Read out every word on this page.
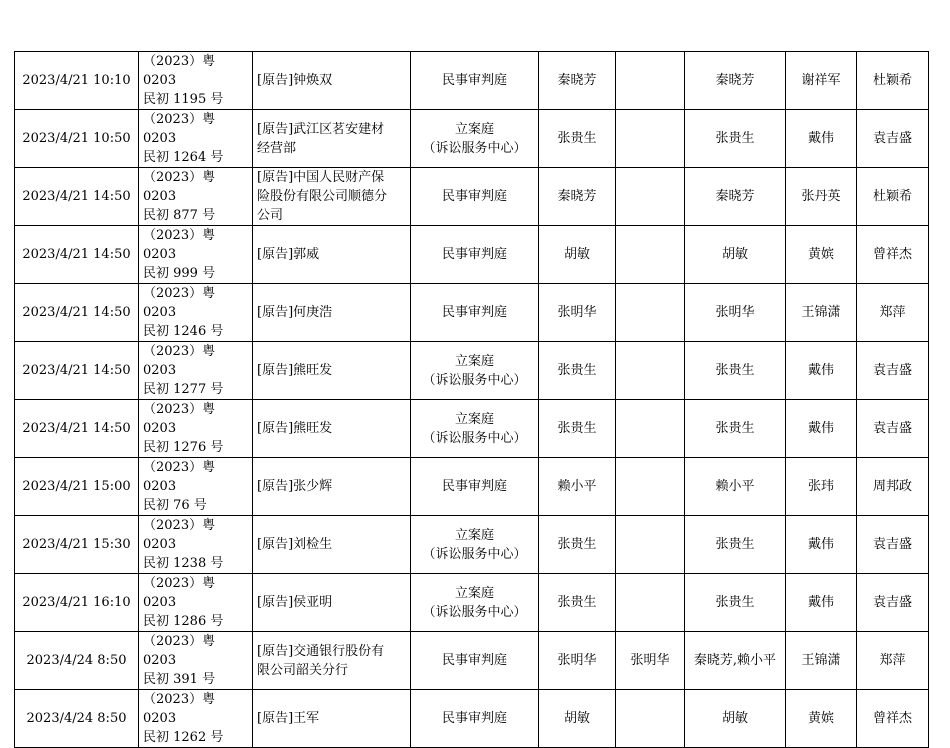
2023/4/21 10:10	（2023）粤 0203
民初 1195 号	[原告]钟焕双	民事审判庭	秦晓芳		秦晓芳	谢祥军	杜颖希
2023/4/21 10:50	（2023）粤 0203
民初 1264 号	[原告]武江区茗安建材
经营部	立案庭
（诉讼服务中心）	张贵生		张贵生	戴伟	袁吉盛
2023/4/21 14:50	（2023）粤 0203
民初 877 号	[原告]中国人民财产保
险股份有限公司顺德分
公司	民事审判庭	秦晓芳		秦晓芳	张丹英	杜颖希
2023/4/21 14:50	（2023）粤 0203
民初 999 号	[原告]郭威	民事审判庭	胡敏		胡敏	黄嫔	曾祥杰
2023/4/21 14:50	（2023）粤 0203
民初 1246 号	[原告]何庚浩	民事审判庭	张明华		张明华	王锦潇	郑萍
2023/4/21 14:50	（2023）粤 0203
民初 1277 号	[原告]熊旺发	立案庭
（诉讼服务中心）	张贵生		张贵生	戴伟	袁吉盛
2023/4/21 14:50	（2023）粤 0203
民初 1276 号	[原告]熊旺发	立案庭
（诉讼服务中心）	张贵生		张贵生	戴伟	袁吉盛
2023/4/21 15:00	（2023）粤 0203
民初 76 号	[原告]张少辉	民事审判庭	赖小平		赖小平	张玮	周邦政
2023/4/21 15:30	（2023）粤 0203
民初 1238 号	[原告]刘检生	立案庭
（诉讼服务中心）	张贵生		张贵生	戴伟	袁吉盛
2023/4/21 16:10	（2023）粤 0203
民初 1286 号	[原告]侯亚明	立案庭
（诉讼服务中心）	张贵生		张贵生	戴伟	袁吉盛
2023/4/24 8:50	（2023）粤 0203
民初 391 号	[原告]交通银行股份有
限公司韶关分行	民事审判庭	张明华	张明华	秦晓芳,赖小平	王锦潇	郑萍
2023/4/24 8:50	（2023）粤 0203
民初 1262 号	[原告]王军	民事审判庭	胡敏		胡敏	黄嫔	曾祥杰
